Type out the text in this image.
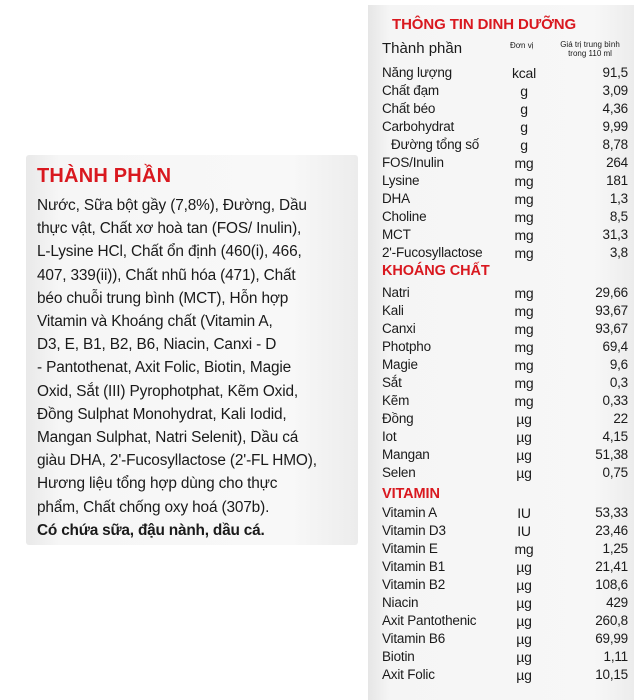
THÀNH PHẦN
Nước, Sữa bột gầy (7,8%), Đường, Dầu
thực vật, Chất xơ hoà tan (FOS/ Inulin),
L-Lysine HCl, Chất ổn định (460(i), 466,
407, 339(ii)), Chất nhũ hóa (471), Chất
béo chuỗi trung bình (MCT), Hỗn hợp
Vitamin và Khoáng chất (Vitamin A,
D3, E, B1, B2, B6, Niacin, Canxi - D
- Pantothenat, Axit Folic, Biotin, Magie
Oxid, Sắt (III) Pyrophotphat, Kẽm Oxid,
Đồng Sulphat Monohydrat, Kali Iodid,
Mangan Sulphat, Natri Selenit), Dầu cá
giàu DHA, 2'-Fucosyllactose (2'-FL HMO),
Hương liệu tổng hợp dùng cho thực
phẩm, Chất chống oxy hoá (307b).
Có chứa sữa, đậu nành, dầu cá.
THÔNG TIN DINH DƯỠNG
Thành phần	Đơn vị	Giá trị trung bình
trong 110 ml
Năng lượng	kcal	91,5
Chất đạm	g	3,09
Chất béo	g	4,36
Carbohydrat	g	9,99
Đường tổng số	g	8,78
FOS/Inulin	mg	264
Lysine	mg	181
DHA	mg	1,3
Choline	mg	8,5
MCT	mg	31,3
2'-Fucosyllactose	mg	3,8
KHOÁNG CHẤT
Natri	mg	29,66
Kali	mg	93,67
Canxi	mg	93,67
Photpho	mg	69,4
Magie	mg	9,6
Sắt	mg	0,3
Kẽm	mg	0,33
Đồng	µg	22
Iot	µg	4,15
Mangan	µg	51,38
Selen	µg	0,75
VITAMIN
Vitamin A	IU	53,33
Vitamin D3	IU	23,46
Vitamin E	mg	1,25
Vitamin B1	µg	21,41
Vitamin B2	µg	108,6
Niacin	µg	429
Axit Pantothenic	µg	260,8
Vitamin B6	µg	69,99
Biotin	µg	1,11
Axit Folic	µg	10,15
